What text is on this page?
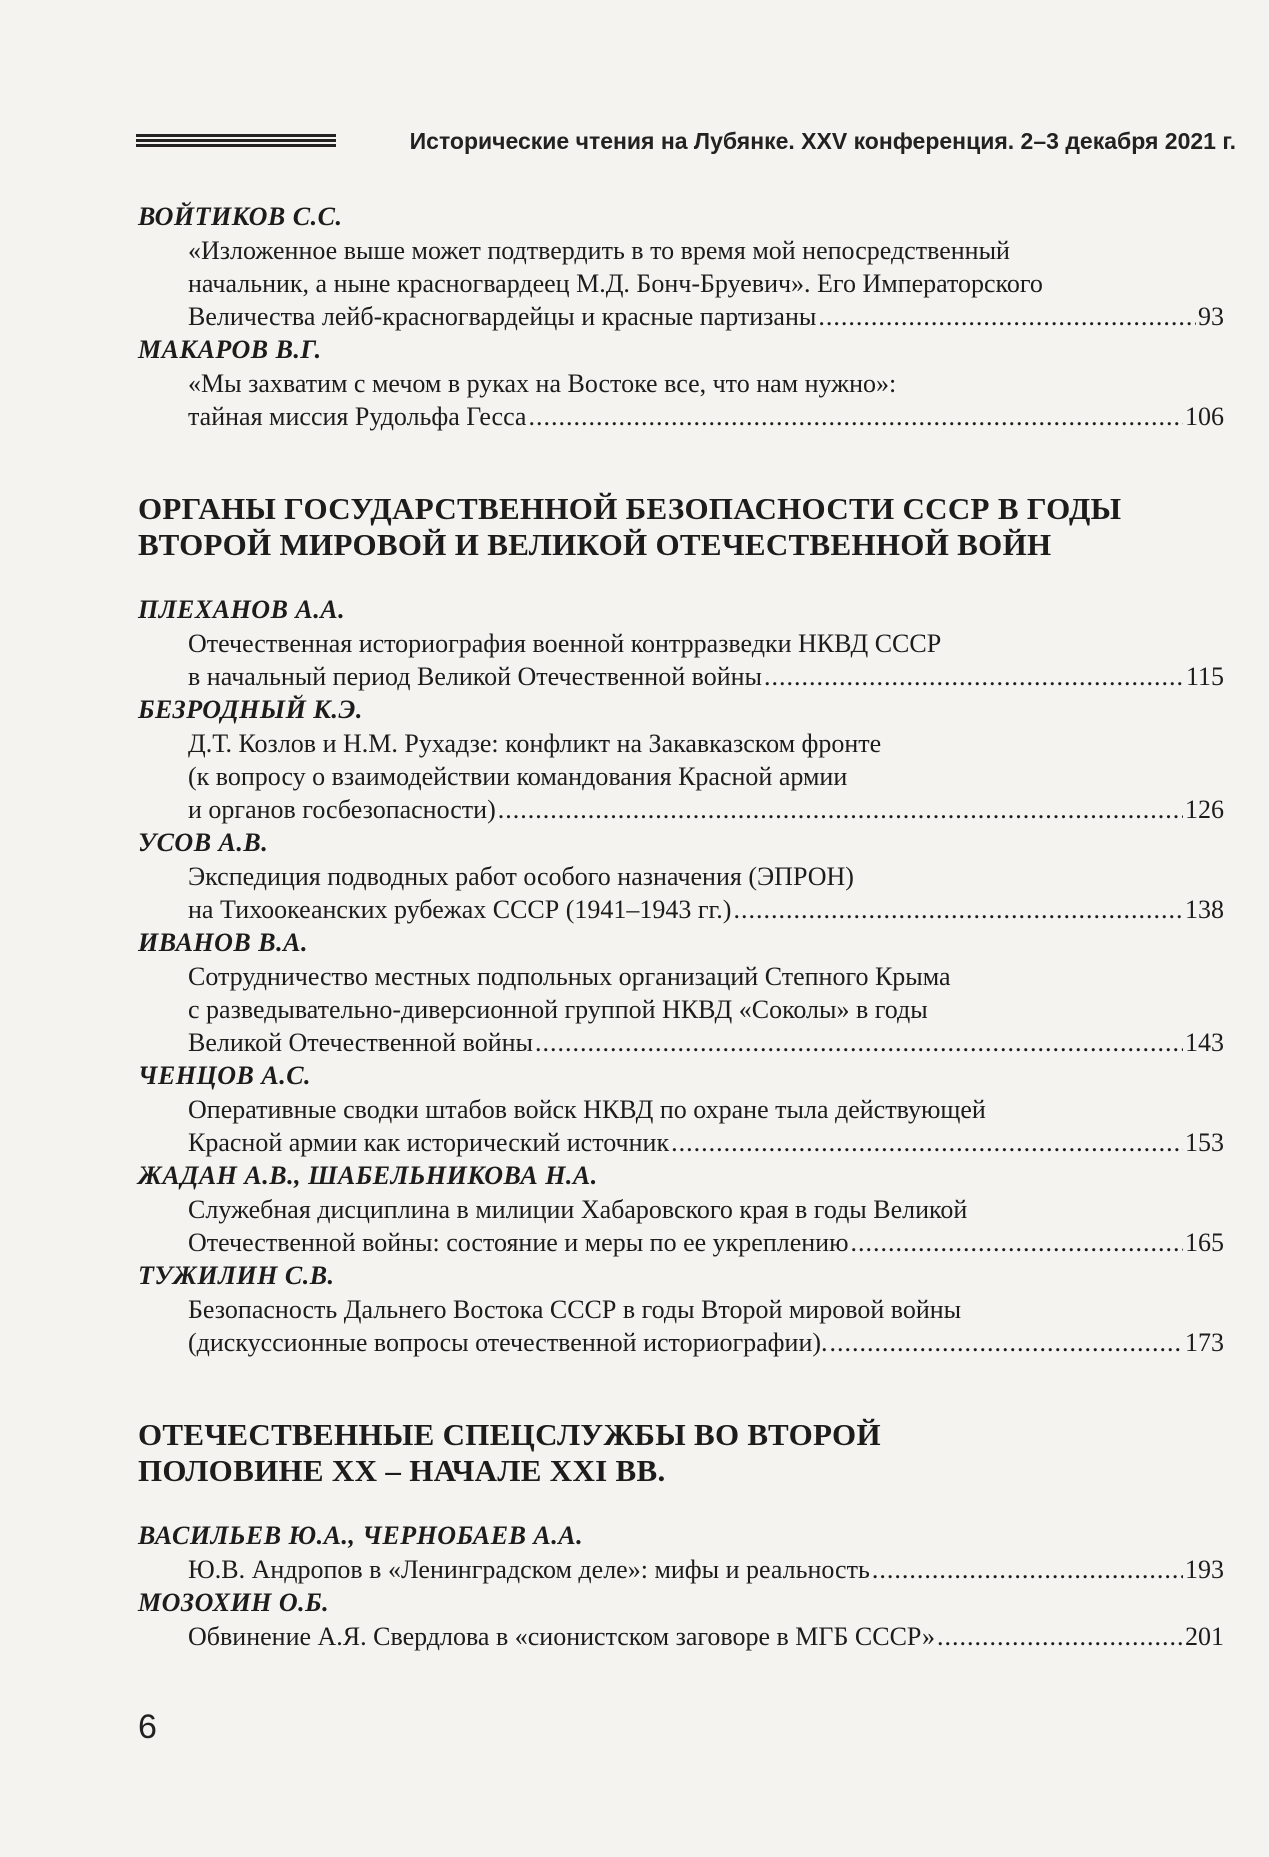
Исторические чтения на Лубянке. XXV конференция. 2–3 декабря 2021 г.
ВОЙТИКОВ С.С.
«Изложенное выше может подтвердить в то время мой непосредственный
начальник, а ныне красногвардеец М.Д. Бонч-Бруевич». Его Императорского
Величества лейб-красногвардейцы и красные партизаны .....	93
МАКАРОВ В.Г.
«Мы захватим с мечом в руках на Востоке все, что нам нужно»:
тайная миссия Рудольфа Гесса .....	106
ОРГАНЫ ГОСУДАРСТВЕННОЙ БЕЗОПАСНОСТИ СССР В ГОДЫ
ВТОРОЙ МИРОВОЙ И ВЕЛИКОЙ ОТЕЧЕСТВЕННОЙ ВОЙН
ПЛЕХАНОВ А.А.
Отечественная историография военной контрразведки НКВД СССР
в начальный период Великой Отечественной войны .....	115
БЕЗРОДНЫЙ К.Э.
Д.Т. Козлов и Н.М. Рухадзе: конфликт на Закавказском фронте
(к вопросу о взаимодействии командования Красной армии
и органов госбезопасности) .....	126
УСОВ А.В.
Экспедиция подводных работ особого назначения (ЭПРОН)
на Тихоокеанских рубежах СССР (1941–1943 гг.) .....	138
ИВАНОВ В.А.
Сотрудничество местных подпольных организаций Степного Крыма
с разведывательно-диверсионной группой НКВД «Соколы» в годы
Великой Отечественной войны .....	143
ЧЕНЦОВ А.С.
Оперативные сводки штабов войск НКВД по охране тыла действующей
Красной армии как исторический источник .....	153
ЖАДАН А.В., ШАБЕЛЬНИКОВА Н.А.
Служебная дисциплина в милиции Хабаровского края в годы Великой
Отечественной войны: состояние и меры по ее укреплению .....	165
ТУЖИЛИН С.В.
Безопасность Дальнего Востока СССР в годы Второй мировой войны
(дискуссионные вопросы отечественной историографии). .....	173
ОТЕЧЕСТВЕННЫЕ СПЕЦСЛУЖБЫ ВО ВТОРОЙ
ПОЛОВИНЕ XX – НАЧАЛЕ XXI ВВ.
ВАСИЛЬЕВ Ю.А., ЧЕРНОБАЕВ А.А.
Ю.В. Андропов в «Ленинградском деле»: мифы и реальность .....	193
МОЗОХИН О.Б.
Обвинение А.Я. Свердлова в «сионистском заговоре в МГБ СССР» .....	201
6
